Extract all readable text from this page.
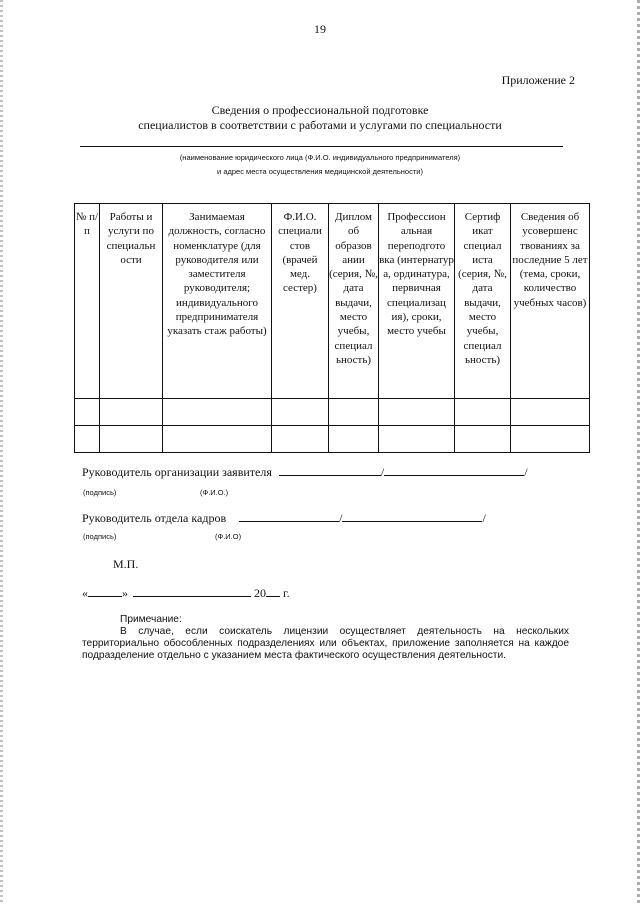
19
Приложение 2
Сведения о профессиональной подготовке
специалистов в соответствии с работами и услугами по специальности
(наименование юридического лица (Ф.И.О. индивидуального предпринимателя)
и адрес места осуществления медицинской деятельности)
№ п/п	Работы и услуги по специальн ости	Занимаемая должность, согласно номенклатуре (для руководителя или заместителя руководителя; индивидуального предпринимателя указать стаж работы)	Ф.И.О. специали стов (врачей мед. сестер)	Диплом об образов ании (серия, №, дата выдачи, место учебы, специал ьность)	Профессион альная переподгото вка (интернатур а, ординатура, первичная специализац ия), сроки, место учебы	Сертиф икат специал иста (серия, №, дата выдачи, место учебы, специал ьность)	Сведения об усовершенс твованиях за последние 5 лет (тема, сроки, количество учебных часов)

Руководитель организации заявителя	/	/
(подпись)	(Ф.И.О.)
Руководитель отдела кадров	/	/
(подпись)	(Ф.И.О)
М.П.
«	»	20 г.
Примечание:
В случае, если соискатель лицензии осуществляет деятельность на нескольких территориально обособленных подразделениях или объектах, приложение заполняется на каждое подразделение отдельно с указанием места фактического осуществления деятельности.
